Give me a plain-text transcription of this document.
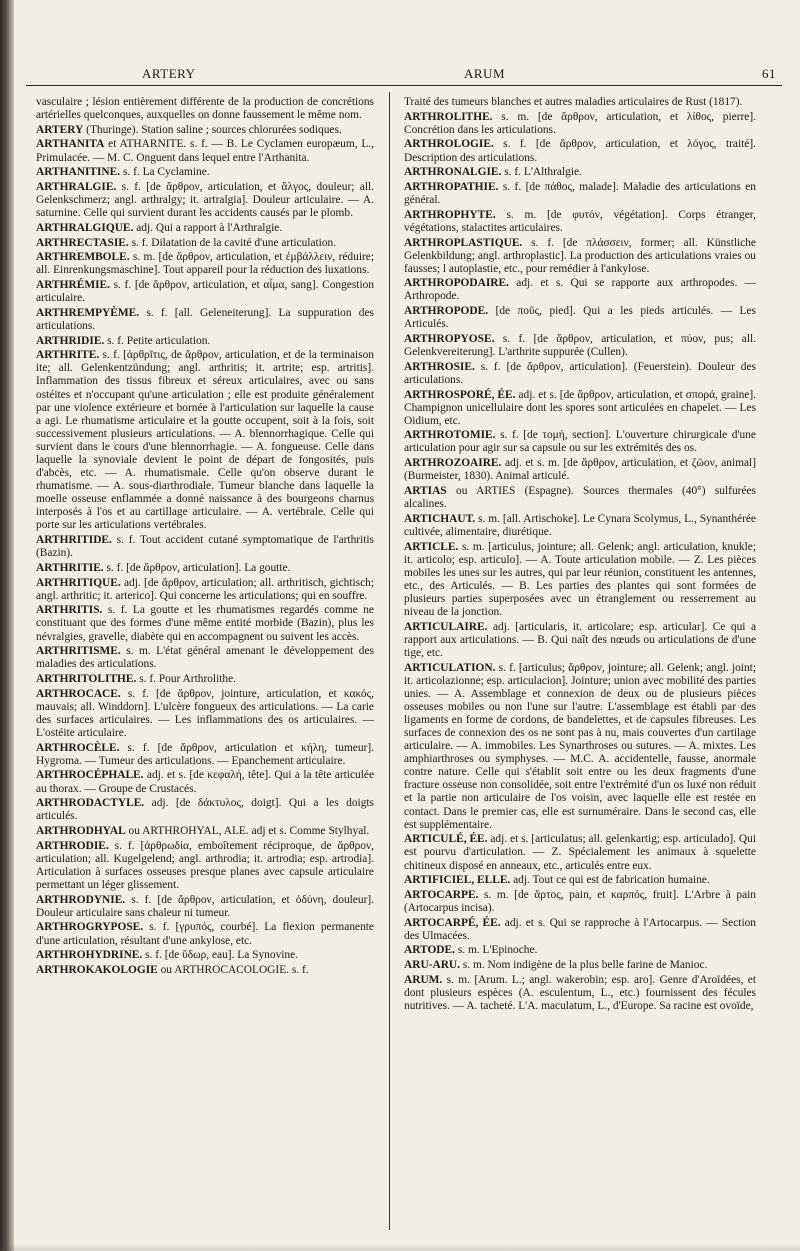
ARTERY	ARUM	61

vasculaire ; lésion entièrement différente de la production de concrétions artérielles quelconques, auxquelles on donne faussement le même nom.

ARTERY (Thuringe). Station saline ; sources chlorurées sodiques.

ARTHANITA et ATHARNITE. s. f. — B. Le Cyclamen europæum, L., Primulacée. — M. C. Onguent dans lequel entre l'Arthanita.

ARTHANITINE. s. f. La Cyclamine.

ARTHRALGIE. s. f. [de ἄρθρον, articulation, et ἄλγος, douleur; all. Gelenkschmerz; angl. arthralgy; it. artralgia]. Douleur articulaire. — A. saturnine. Celle qui survient durant les accidents causés par le plomb.

ARTHRALGIQUE. adj. Qui a rapport à l'Arthralgie.

ARTHRECTASIE. s. f. Dilatation de la cavité d'une articulation.

ARTHREMBOLE. s. m. [de ἄρθρον, articulation, et ἐμβάλλειν, réduire; all. Einrenkungsmaschine]. Tout appareil pour la réduction des luxations.

ARTHRÉMIE. s. f. [de ἄρθρον, articulation, et αἷμα, sang]. Congestion articulaire.

ARTHREMPYÈME. s. f. [all. Geleneiterung]. La suppuration des articulations.

ARTHRIDIE. s. f. Petite articulation.

ARTHRITE. s. f. [ἀρθρῖτις, de ἄρθρον, articulation, et de la terminaison ite; all. Gelenkentzündung; angl. arthritis; it. artrite; esp. artritis]. Inflammation des tissus fibreux et séreux articulaires, avec ou sans ostéites et n'occupant qu'une articulation ; elle est produite généralement par une violence extérieure et bornée à l'articulation sur laquelle la cause a agi. Le rhumatisme articulaire et la goutte occupent, soit à la fois, soit successivement plusieurs articulations. — A. blennorrhagique. Celle qui survient dans le cours d'une blennorrhagie. — A. fongueuse. Celle dans laquelle la synoviale devient le point de départ de fongosités, puis d'abcès, etc. — A. rhumatismale. Celle qu'on observe durant le rhumatisme. — A. sous-diarthrodiale. Tumeur blanche dans laquelle la moelle osseuse enflammée a donné naissance à des bourgeons charnus interposés à l'os et au cartillage articulaire. — A. vertébrale. Celle qui porte sur les articulations vertébrales.

ARTHRITIDE. s. f. Tout accident cutané symptomatique de l'arthritis (Bazin).

ARTHRITIE. s. f. [de ἄρθρον, articulation]. La goutte.

ARTHRITIQUE. adj. [de ἄρθρον, articulation; all. arthritisch, gichtisch; angl. arthritic; it. arterico]. Qui concerne les articulations; qui en souffre.

ARTHRITIS. s. f. La goutte et les rhumatismes regardés comme ne constituant que des formes d'une même entité morbide (Bazin), plus les névralgies, gravelle, diabète qui en accompagnent ou suivent les accès.

ARTHRITISME. s. m. L'état général amenant le développement des maladies des articulations.

ARTHRITOLITHE. s. f. Pour Arthrolithe.

ARTHROCACE. s. f. [de ἄρθρον, jointure, articulation, et κακός, mauvais; all. Winddorn]. L'ulcère fongueux des articulations. — La carie des surfaces articulaires. — Les inflammations des os articulaires. — L'ostéite articulaire.

ARTHROCÈLE. s. f. [de ἄρθρον, articulation et κήλη, tumeur]. Hygroma. — Tumeur des articulations. — Epanchement articulaire.

ARTHROCÉPHALE. adj. et s. [de κεφαλή, tête]. Qui a la tête articulée au thorax. — Groupe de Crustacés.

ARTHRODACTYLE. adj. [de δάκτυλος, doigt]. Qui a les doigts articulés.

ARTHRODHYAL ou ARTHROHYAL, ALE. adj et s. Comme Stylhyal.

ARTHRODIE. s. f. [ἀρθρωδία, emboîtement réciproque, de ἄρθρον, articulation; all. Kugelgelend; angl. arthrodia; it. artrodia; esp. artrodia]. Articulation à surfaces osseuses presque planes avec capsule articulaire permettant un léger glissement.

ARTHRODYNIE. s. f. [de ἄρθρον, articulation, et ὀδύνη, douleur]. Douleur articulaire sans chaleur ni tumeur.

ARTHROGRYPOSE. s. f. [γρυπός, courbé]. La flexion permanente d'une articulation, résultant d'une ankylose, etc.

ARTHROHYDRINE. s. f. [de ὕδωρ, eau]. La Synovine.

ARTHROKAKOLOGIE ou ARTHROCACOLOGIE. s. f.

Traité des tumeurs blanches et autres maladies articulaires de Rust (1817).

ARTHROLITHE. s. m. [de ἄρθρον, articulation, et λίθος, pierre]. Concrétion dans les articulations.

ARTHROLOGIE. s. f. [de ἄρθρον, articulation, et λόγος, traité]. Description des articulations.

ARTHRONALGIE. s. f. L'Althralgie.

ARTHROPATHIE. s. f. [de πάθος, malade]. Maladie des articulations en général.

ARTHROPHYTE. s. m. [de φυτόν, végétation]. Corps étranger, végétations, stalactites articulaires.

ARTHROPLASTIQUE. s. f. [de πλάσσειν, former; all. Künstliche Gelenkbildung; angl. arthroplastic]. La production des articulations vraies ou fausses; l autoplastie, etc., pour remédier à l'ankylose.

ARTHROPODAIRE. adj. et s. Qui se rapporte aux arthropodes. — Arthropode.

ARTHROPODE. [de ποῦς, pied]. Qui a les pieds articulés. — Les Articulés.

ARTHROPYOSE. s. f. [de ἄρθρον, articulation, et πύον, pus; all. Gelenkvereiterung]. L'arthrite suppurée (Cullen).

ARTHROSIE. s. f. [de ἄρθρον, articulation]. (Feuerstein). Douleur des articulations.

ARTHROSPORÉ, ÉE. adj. et s. [de ἄρθρον, articulation, et σπορά, graine]. Champignon unicellulaire dont les spores sont articulées en chapelet. — Les Oidium, etc.

ARTHROTOMIE. s. f. [de τομή, section]. L'ouverture chirurgicale d'une articulation pour agir sur sa capsule ou sur les extrémités des os.

ARTHROZOAIRE. adj. et s. m. [de ἄρθρον, articulation, et ζῶον, animal] (Burmeister, 1830). Animal articulé.

ARTIAS ou ARTIES (Espagne). Sources thermales (40°) sulfurées alcalines.

ARTICHAUT. s. m. [all. Artischoke]. Le Cynara Scolymus, L., Synanthérée cultivée, alimentaire, diurétique.

ARTICLE. s. m. [articulus, jointure; all. Gelenk; angl. articulation, knukle; it. articolo; esp. articulo]. — A. Toute articulation mobile. — Z. Les pièces mobiles les unes sur les autres, qui par leur réunion, constituent les antennes, etc., des Articulés. — B. Les parties des plantes qui sont formées de plusieurs parties superposées avec un étranglement ou resserrement au niveau de la jonction.

ARTICULAIRE. adj. [articularis, it. articolare; esp. articular]. Ce qui a rapport aux articulations. — B. Qui naît des nœuds ou articulations de d'une tige, etc.

ARTICULATION. s. f. [articulus; ἄρθρον, jointure; all. Gelenk; angl. joint; it. articolazionne; esp. articulacion]. Jointure; union avec mobilité des parties unies. — A. Assemblage et connexion de deux ou de plusieurs pièces osseuses mobiles ou non l'une sur l'autre. L'assemblage est établi par des ligaments en forme de cordons, de bandelettes, et de capsules fibreuses. Les surfaces de connexion des os ne sont pas à nu, mais couvertes d'un cartilage articulaire. — A. immobiles. Les Synarthroses ou sutures. — A. mixtes. Les amphiarthroses ou symphyses. — M.C. A. accidentelle, fausse, anormale contre nature. Celle qui s'établit soit entre ou les deux fragments d'une fracture osseuse non consolidée, soit entre l'extrémité d'un os luxé non réduit et la partie non articulaire de l'os voisin, avec laquelle elle est restée en contact. Dans le premier cas, elle est surnuméraire. Dans le second cas, elle est supplémentaire.

ARTICULÉ, ÉE. adj. et s. [articulatus; all. gelenkartig; esp. articulado]. Qui est pourvu d'articulation. — Z. Spécialement les animaux à squelette chitineux disposé en anneaux, etc., articulés entre eux.

ARTIFICIEL, ELLE. adj. Tout ce qui est de fabrication humaine.

ARTOCARPE. s. m. [de ἄρτος, pain, et καρπός, fruit]. L'Arbre à pain (Artocarpus incisa).

ARTOCARPÉ, ÉE. adj. et s. Qui se rapproche à l'Artocarpus. — Section des Ulmacées.

ARTODE. s. m. L'Epinoche.

ARU-ARU. s. m. Nom indigène de la plus belle farine de Manioc.

ARUM. s. m. [Arum. L.; angl. wakerobin; esp. aro]. Genre d'Aroïdées, et dont plusieurs espèces (A. esculentum, L., etc.) fournissent des fécules nutritives. — A. tacheté. L'A. maculatum, L., d'Europe. Sa racine est ovoïde,
